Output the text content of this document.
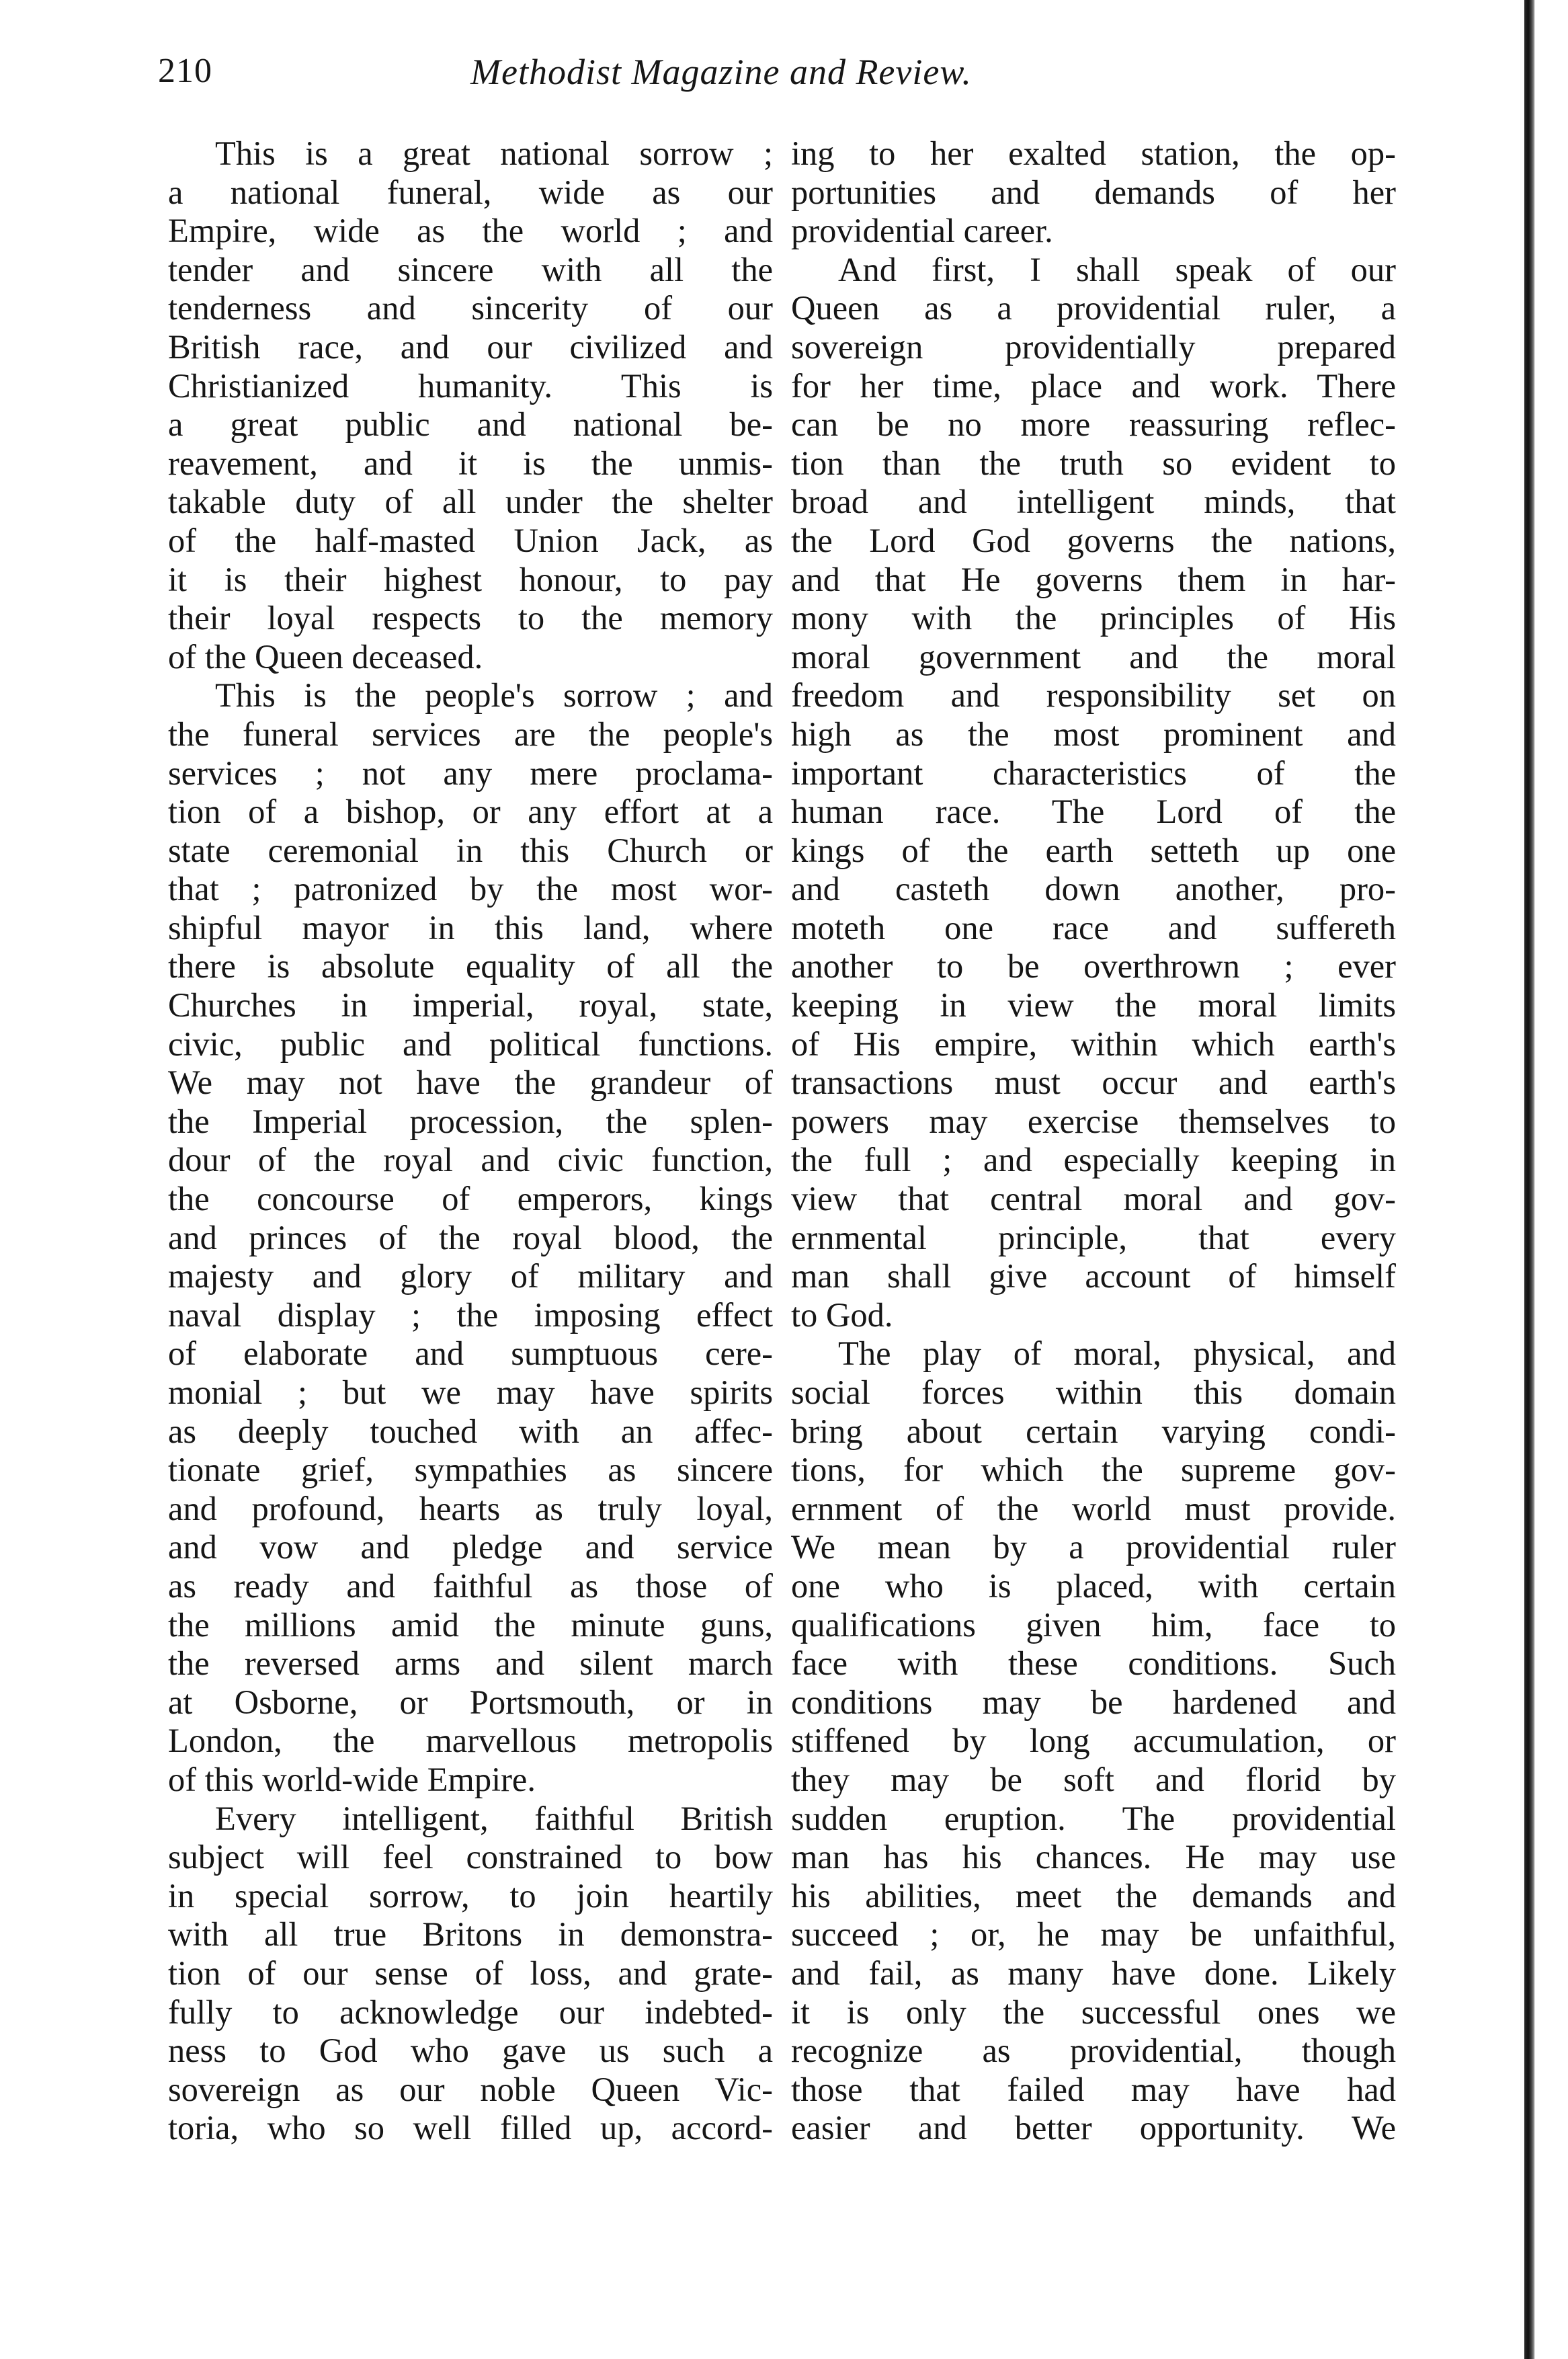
210	Methodist Magazine and Review.
This is a great national sorrow ;
a national funeral, wide as our
Empire, wide as the world ; and
tender and sincere with all the
tenderness and sincerity of our
British race, and our civilized and
Christianized humanity. This is
a great public and national be-
reavement, and it is the unmis-
takable duty of all under the shelter
of the half-masted Union Jack, as
it is their highest honour, to pay
their loyal respects to the memory
of the Queen deceased.
This is the people's sorrow ; and
the funeral services are the people's
services ; not any mere proclama-
tion of a bishop, or any effort at a
state ceremonial in this Church or
that ; patronized by the most wor-
shipful mayor in this land, where
there is absolute equality of all the
Churches in imperial, royal, state,
civic, public and political functions.
We may not have the grandeur of
the Imperial procession, the splen-
dour of the royal and civic function,
the concourse of emperors, kings
and princes of the royal blood, the
majesty and glory of military and
naval display ; the imposing effect
of elaborate and sumptuous cere-
monial ; but we may have spirits
as deeply touched with an affec-
tionate grief, sympathies as sincere
and profound, hearts as truly loyal,
and vow and pledge and service
as ready and faithful as those of
the millions amid the minute guns,
the reversed arms and silent march
at Osborne, or Portsmouth, or in
London, the marvellous metropolis
of this world-wide Empire.
Every intelligent, faithful British
subject will feel constrained to bow
in special sorrow, to join heartily
with all true Britons in demonstra-
tion of our sense of loss, and grate-
fully to acknowledge our indebted-
ness to God who gave us such a
sovereign as our noble Queen Vic-
toria, who so well filled up, accord-
ing to her exalted station, the op-
portunities and demands of her
providential career.
And first, I shall speak of our
Queen as a providential ruler, a
sovereign providentially prepared
for her time, place and work. There
can be no more reassuring reflec-
tion than the truth so evident to
broad and intelligent minds, that
the Lord God governs the nations,
and that He governs them in har-
mony with the principles of His
moral government and the moral
freedom and responsibility set on
high as the most prominent and
important characteristics of the
human race. The Lord of the
kings of the earth setteth up one
and casteth down another, pro-
moteth one race and suffereth
another to be overthrown ; ever
keeping in view the moral limits
of His empire, within which earth's
transactions must occur and earth's
powers may exercise themselves to
the full ; and especially keeping in
view that central moral and gov-
ernmental principle, that every
man shall give account of himself
to God.
The play of moral, physical, and
social forces within this domain
bring about certain varying condi-
tions, for which the supreme gov-
ernment of the world must provide.
We mean by a providential ruler
one who is placed, with certain
qualifications given him, face to
face with these conditions. Such
conditions may be hardened and
stiffened by long accumulation, or
they may be soft and florid by
sudden eruption. The providential
man has his chances. He may use
his abilities, meet the demands and
succeed ; or, he may be unfaithful,
and fail, as many have done. Likely
it is only the successful ones we
recognize as providential, though
those that failed may have had
easier and better opportunity. We
